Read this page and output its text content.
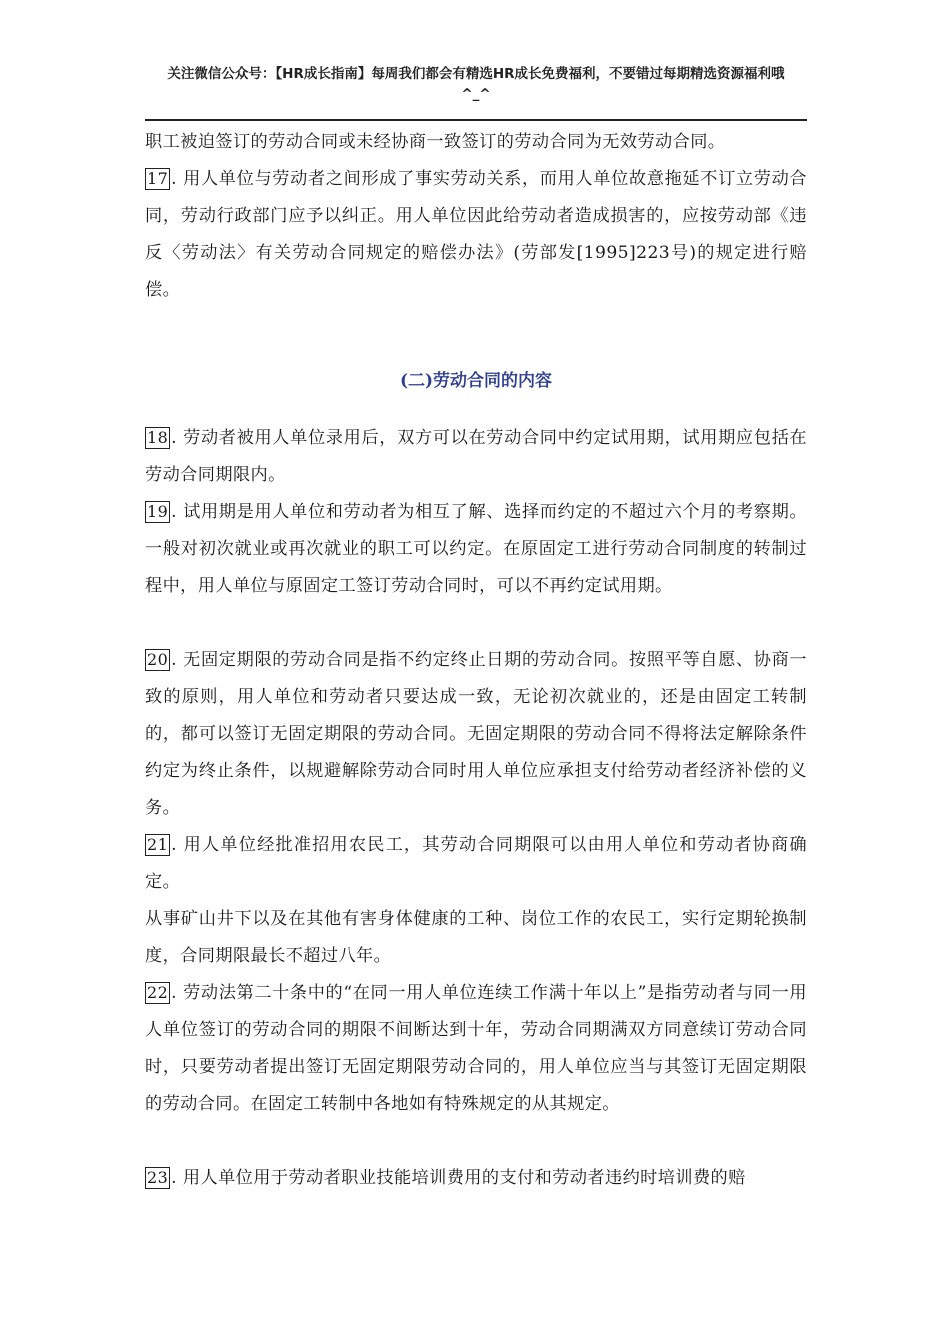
关注微信公众号：【HR成长指南】每周我们都会有精选HR成长免费福利，不要错过每期精选资源福利哦
^_^

职工被迫签订的劳动合同或未经协商一致签订的劳动合同为无效劳动合同。

17 . 用人单位与劳动者之间形成了事实劳动关系，而用人单位故意拖延不订立劳动合同，劳动行政部门应予以纠正。用人单位因此给劳动者造成损害的，应按劳动部《违反〈劳动法〉有关劳动合同规定的赔偿办法》(劳部发[1995]223号)的规定进行赔偿。

(二)劳动合同的内容

18 . 劳动者被用人单位录用后，双方可以在劳动合同中约定试用期，试用期应包括在劳动合同期限内。

19 . 试用期是用人单位和劳动者为相互了解、选择而约定的不超过六个月的考察期。一般对初次就业或再次就业的职工可以约定。在原固定工进行劳动合同制度的转制过程中，用人单位与原固定工签订劳动合同时，可以不再约定试用期。

20 . 无固定期限的劳动合同是指不约定终止日期的劳动合同。按照平等自愿、协商一致的原则，用人单位和劳动者只要达成一致，无论初次就业的，还是由固定工转制的，都可以签订无固定期限的劳动合同。无固定期限的劳动合同不得将法定解除条件约定为终止条件，以规避解除劳动合同时用人单位应承担支付给劳动者经济补偿的义务。

21 . 用人单位经批准招用农民工，其劳动合同期限可以由用人单位和劳动者协商确定。

从事矿山井下以及在其他有害身体健康的工种、岗位工作的农民工，实行定期轮换制度，合同期限最长不超过八年。

22 . 劳动法第二十条中的“在同一用人单位连续工作满十年以上”是指劳动者与同一用人单位签订的劳动合同的期限不间断达到十年，劳动合同期满双方同意续订劳动合同时，只要劳动者提出签订无固定期限劳动合同的，用人单位应当与其签订无固定期限的劳动合同。在固定工转制中各地如有特殊规定的从其规定。

23 . 用人单位用于劳动者职业技能培训费用的支付和劳动者违约时培训费的赔
